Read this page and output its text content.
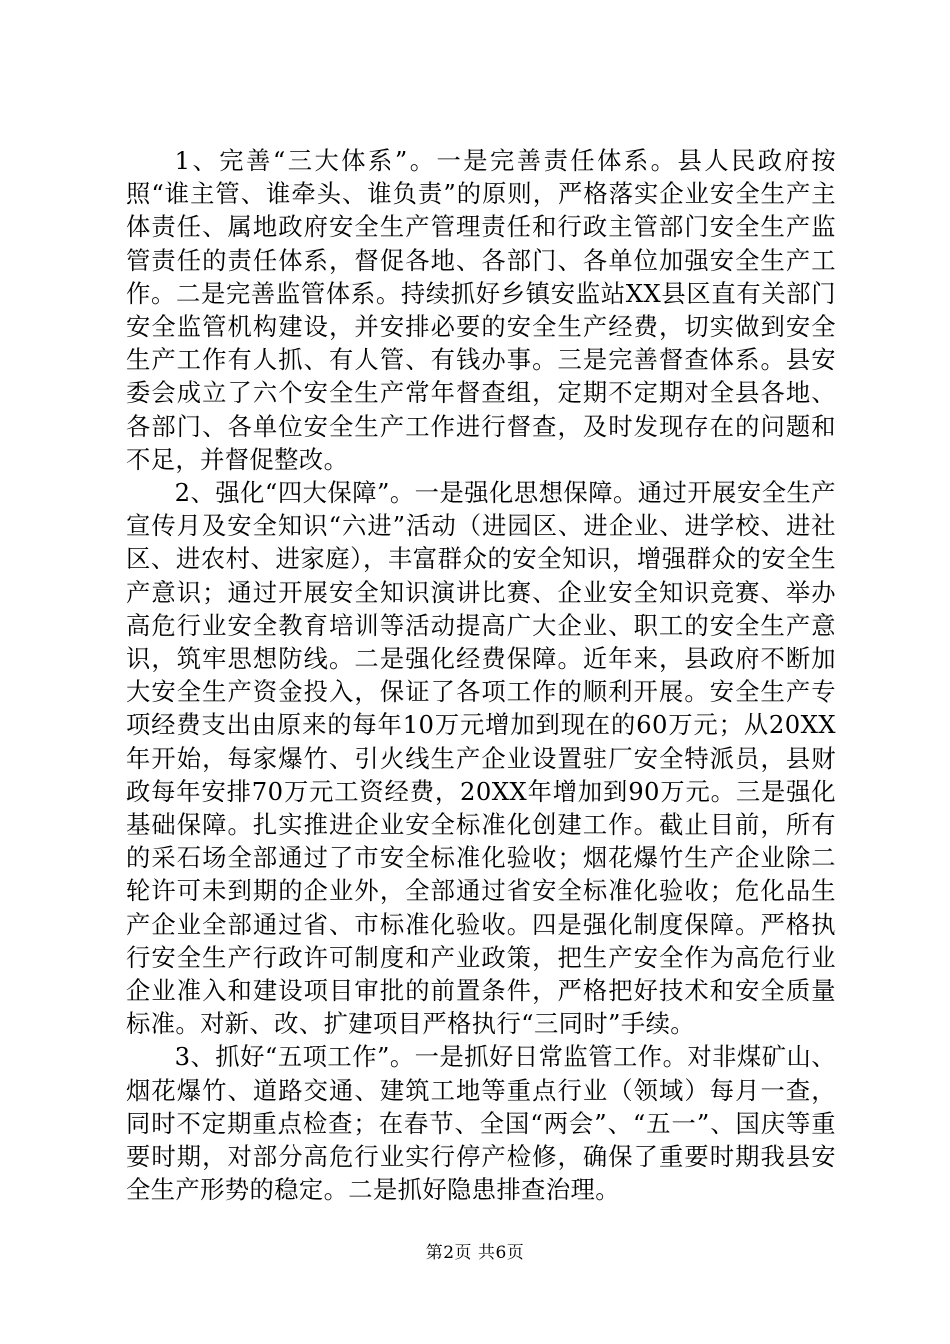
1、完善“三大体系”。一是完善责任体系。县人民政府按照“谁主管、谁牵头、谁负责”的原则，严格落实企业安全生产主体责任、属地政府安全生产管理责任和行政主管部门安全生产监管责任的责任体系，督促各地、各部门、各单位加强安全生产工作。二是完善监管体系。持续抓好乡镇安监站XX县区直有关部门安全监管机构建设，并安排必要的安全生产经费，切实做到安全生产工作有人抓、有人管、有钱办事。三是完善督查体系。县安委会成立了六个安全生产常年督查组，定期不定期对全县各地、各部门、各单位安全生产工作进行督查，及时发现存在的问题和不足，并督促整改。

2、强化“四大保障”。一是强化思想保障。通过开展安全生产宣传月及安全知识“六进”活动（进园区、进企业、进学校、进社区、进农村、进家庭），丰富群众的安全知识，增强群众的安全生产意识；通过开展安全知识演讲比赛、企业安全知识竞赛、举办高危行业安全教育培训等活动提高广大企业、职工的安全生产意识，筑牢思想防线。二是强化经费保障。近年来，县政府不断加大安全生产资金投入，保证了各项工作的顺利开展。安全生产专项经费支出由原来的每年10万元增加到现在的60万元；从20XX年开始，每家爆竹、引火线生产企业设置驻厂安全特派员，县财政每年安排70万元工资经费，20XX年增加到90万元。三是强化基础保障。扎实推进企业安全标准化创建工作。截止目前，所有的采石场全部通过了市安全标准化验收；烟花爆竹生产企业除二轮许可未到期的企业外，全部通过省安全标准化验收；危化品生产企业全部通过省、市标准化验收。四是强化制度保障。严格执行安全生产行政许可制度和产业政策，把生产安全作为高危行业企业准入和建设项目审批的前置条件，严格把好技术和安全质量标准。对新、改、扩建项目严格执行“三同时”手续。

3、抓好“五项工作”。一是抓好日常监管工作。对非煤矿山、烟花爆竹、道路交通、建筑工地等重点行业（领域）每月一查，同时不定期重点检查；在春节、全国“两会”、“五一”、国庆等重要时期，对部分高危行业实行停产检修，确保了重要时期我县安全生产形势的稳定。二是抓好隐患排查治理。

第2页 共6页
